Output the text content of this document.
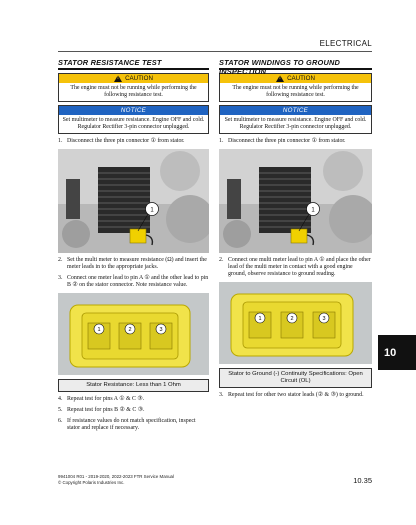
ELECTRICAL
STATOR RESISTANCE TEST
!
CAUTION
The engine must not be running while performing the following resistance test.
NOTICE
Set multimeter to measure resistance. Engine OFF and cold. Regulator Rectifier 3-pin connector unplugged.
1. Disconnect the three pin connector ① from stator.
1
2. Set the multi meter to measure resistance (Ω) and insert the meter leads in to the appropriate jacks.
3. Connect one meter lead to pin A ① and the other lead to pin B ② on the stator connector. Note resistance value.
1	2	3
Stator Resistance: Less than 1 Ohm
4. Repeat test for pins A ① & C ③.
5. Repeat test for pins B ② & C ③.
6. If resistance values do not match specification, inspect stator and replace if necessary.
STATOR WINDINGS TO GROUND INSPECTION
!
CAUTION
The engine must not be running while performing the following resistance test.
NOTICE
Set multimeter to measure resistance. Engine OFF and cold. Regulator Rectifier 3-pin connector unplugged.
1. Disconnect the three pin connector ① from stator.
1
2. Connect one multi meter lead to pin A ① and place the other lead of the multi meter in contact with a good engine ground, observe resistance to ground reading.
1	2	3
Stator to Ground (-) Continuity Specifications: Open Circuit (OL)
3. Repeat test for other two stator leads (② & ③) to ground.
10
9941004 R01 - 2019-2020, 2022-2023 FTR Service Manual
© Copyright Polaris Industries Inc.	10.35
